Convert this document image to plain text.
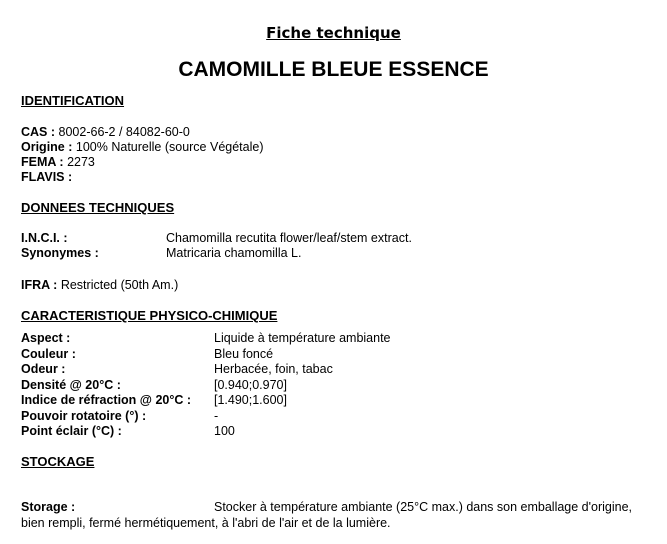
Fiche technique
CAMOMILLE BLEUE ESSENCE
IDENTIFICATION
CAS : 8002-66-2 / 84082-60-0
Origine : 100% Naturelle (source Végétale)
FEMA : 2273
FLAVIS :
DONNEES TECHNIQUES
I.N.C.I. :	Chamomilla recutita flower/leaf/stem extract.
Synonymes :	Matricaria chamomilla L.
IFRA : Restricted (50th Am.)
CARACTERISTIQUE PHYSICO-CHIMIQUE
Aspect :	Liquide à température ambiante
Couleur :	Bleu foncé
Odeur :	Herbacée, foin, tabac
Densité @ 20°C :	[0.940;0.970]
Indice de réfraction @ 20°C : [1.490;1.600]
Pouvoir rotatoire (°) :	-
Point éclair (°C) :	100
STOCKAGE
Storage :	Stocker à température ambiante (25°C max.) dans son emballage d'origine,
bien rempli, fermé hermétiquement, à l'abri de l'air et de la lumière.
